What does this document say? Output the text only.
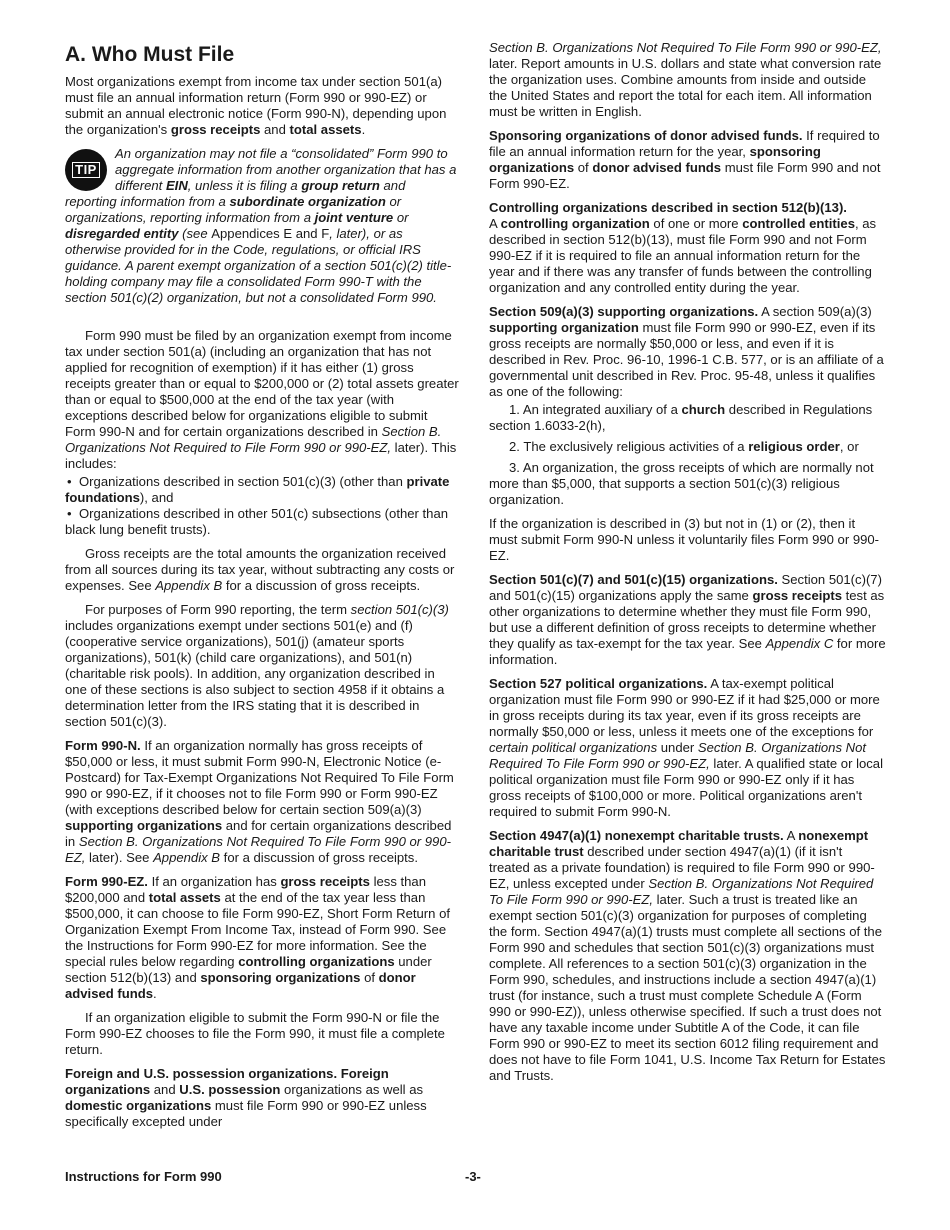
A. Who Must File

Most organizations exempt from income tax under section 501(a) must file an annual information return (Form 990 or 990-EZ) or submit an annual electronic notice (Form 990-N), depending upon the organization's gross receipts and total assets.

TIP

An organization may not file a “consolidated” Form 990 to aggregate information from another organization that has a different EIN, unless it is filing a group return and reporting information from a subordinate organization or organizations, reporting information from a joint venture or disregarded entity (see Appendices E and F, later), or as otherwise provided for in the Code, regulations, or official IRS guidance. A parent exempt organization of a section 501(c)(2) title-holding company may file a consolidated Form 990-T with the section 501(c)(2) organization, but not a consolidated Form 990.

Form 990 must be filed by an organization exempt from income tax under section 501(a) (including an organization that has not applied for recognition of exemption) if it has either (1) gross receipts greater than or equal to $200,000 or (2) total assets greater than or equal to $500,000 at the end of the tax year (with exceptions described below for organizations eligible to submit Form 990-N and for certain organizations described in Section B. Organizations Not Required to File Form 990 or 990-EZ, later). This includes:

• Organizations described in section 501(c)(3) (other than private foundations), and
• Organizations described in other 501(c) subsections (other than black lung benefit trusts).

Gross receipts are the total amounts the organization received from all sources during its tax year, without subtracting any costs or expenses. See Appendix B for a discussion of gross receipts.

For purposes of Form 990 reporting, the term section 501(c)(3) includes organizations exempt under sections 501(e) and (f) (cooperative service organizations), 501(j) (amateur sports organizations), 501(k) (child care organizations), and 501(n) (charitable risk pools). In addition, any organization described in one of these sections is also subject to section 4958 if it obtains a determination letter from the IRS stating that it is described in section 501(c)(3).

Form 990-N. If an organization normally has gross receipts of $50,000 or less, it must submit Form 990-N, Electronic Notice (e-Postcard) for Tax-Exempt Organizations Not Required To File Form 990 or 990-EZ, if it chooses not to file Form 990 or Form 990-EZ (with exceptions described below for certain section 509(a)(3) supporting organizations and for certain organizations described in Section B. Organizations Not Required To File Form 990 or 990-EZ, later). See Appendix B for a discussion of gross receipts.

Form 990-EZ. If an organization has gross receipts less than $200,000 and total assets at the end of the tax year less than $500,000, it can choose to file Form 990-EZ, Short Form Return of Organization Exempt From Income Tax, instead of Form 990. See the Instructions for Form 990-EZ for more information. See the special rules below regarding controlling organizations under section 512(b)(13) and sponsoring organizations of donor advised funds.

If an organization eligible to submit the Form 990-N or file the Form 990-EZ chooses to file the Form 990, it must file a complete return.

Foreign and U.S. possession organizations. Foreign organizations and U.S. possession organizations as well as domestic organizations must file Form 990 or 990-EZ unless specifically excepted under

Section B. Organizations Not Required To File Form 990 or 990-EZ, later. Report amounts in U.S. dollars and state what conversion rate the organization uses. Combine amounts from inside and outside the United States and report the total for each item. All information must be written in English.

Sponsoring organizations of donor advised funds. If required to file an annual information return for the year, sponsoring organizations of donor advised funds must file Form 990 and not Form 990-EZ.

Controlling organizations described in section 512(b)(13).
A controlling organization of one or more controlled entities, as described in section 512(b)(13), must file Form 990 and not Form 990-EZ if it is required to file an annual information return for the year and if there was any transfer of funds between the controlling organization and any controlled entity during the year.

Section 509(a)(3) supporting organizations. A section 509(a)(3) supporting organization must file Form 990 or 990-EZ, even if its gross receipts are normally $50,000 or less, and even if it is described in Rev. Proc. 96-10, 1996-1 C.B. 577, or is an affiliate of a governmental unit described in Rev. Proc. 95-48, unless it qualifies as one of the following:

1. An integrated auxiliary of a church described in Regulations section 1.6033-2(h),

2. The exclusively religious activities of a religious order, or

3. An organization, the gross receipts of which are normally not more than $5,000, that supports a section 501(c)(3) religious organization.

If the organization is described in (3) but not in (1) or (2), then it must submit Form 990-N unless it voluntarily files Form 990 or 990-EZ.

Section 501(c)(7) and 501(c)(15) organizations. Section 501(c)(7) and 501(c)(15) organizations apply the same gross receipts test as other organizations to determine whether they must file Form 990, but use a different definition of gross receipts to determine whether they qualify as tax-exempt for the tax year. See Appendix C for more information.

Section 527 political organizations. A tax-exempt political organization must file Form 990 or 990-EZ if it had $25,000 or more in gross receipts during its tax year, even if its gross receipts are normally $50,000 or less, unless it meets one of the exceptions for certain political organizations under Section B. Organizations Not Required To File Form 990 or 990-EZ, later. A qualified state or local political organization must file Form 990 or 990-EZ only if it has gross receipts of $100,000 or more. Political organizations aren't required to submit Form 990-N.

Section 4947(a)(1) nonexempt charitable trusts. A nonexempt charitable trust described under section 4947(a)(1) (if it isn't treated as a private foundation) is required to file Form 990 or 990-EZ, unless excepted under Section B. Organizations Not Required To File Form 990 or 990-EZ, later. Such a trust is treated like an exempt section 501(c)(3) organization for purposes of completing the form. Section 4947(a)(1) trusts must complete all sections of the Form 990 and schedules that section 501(c)(3) organizations must complete. All references to a section 501(c)(3) organization in the Form 990, schedules, and instructions include a section 4947(a)(1) trust (for instance, such a trust must complete Schedule A (Form 990 or 990-EZ)), unless otherwise specified. If such a trust does not have any taxable income under Subtitle A of the Code, it can file Form 990 or 990-EZ to meet its section 6012 filing requirement and does not have to file Form 1041, U.S. Income Tax Return for Estates and Trusts.

Instructions for Form 990	-3-
